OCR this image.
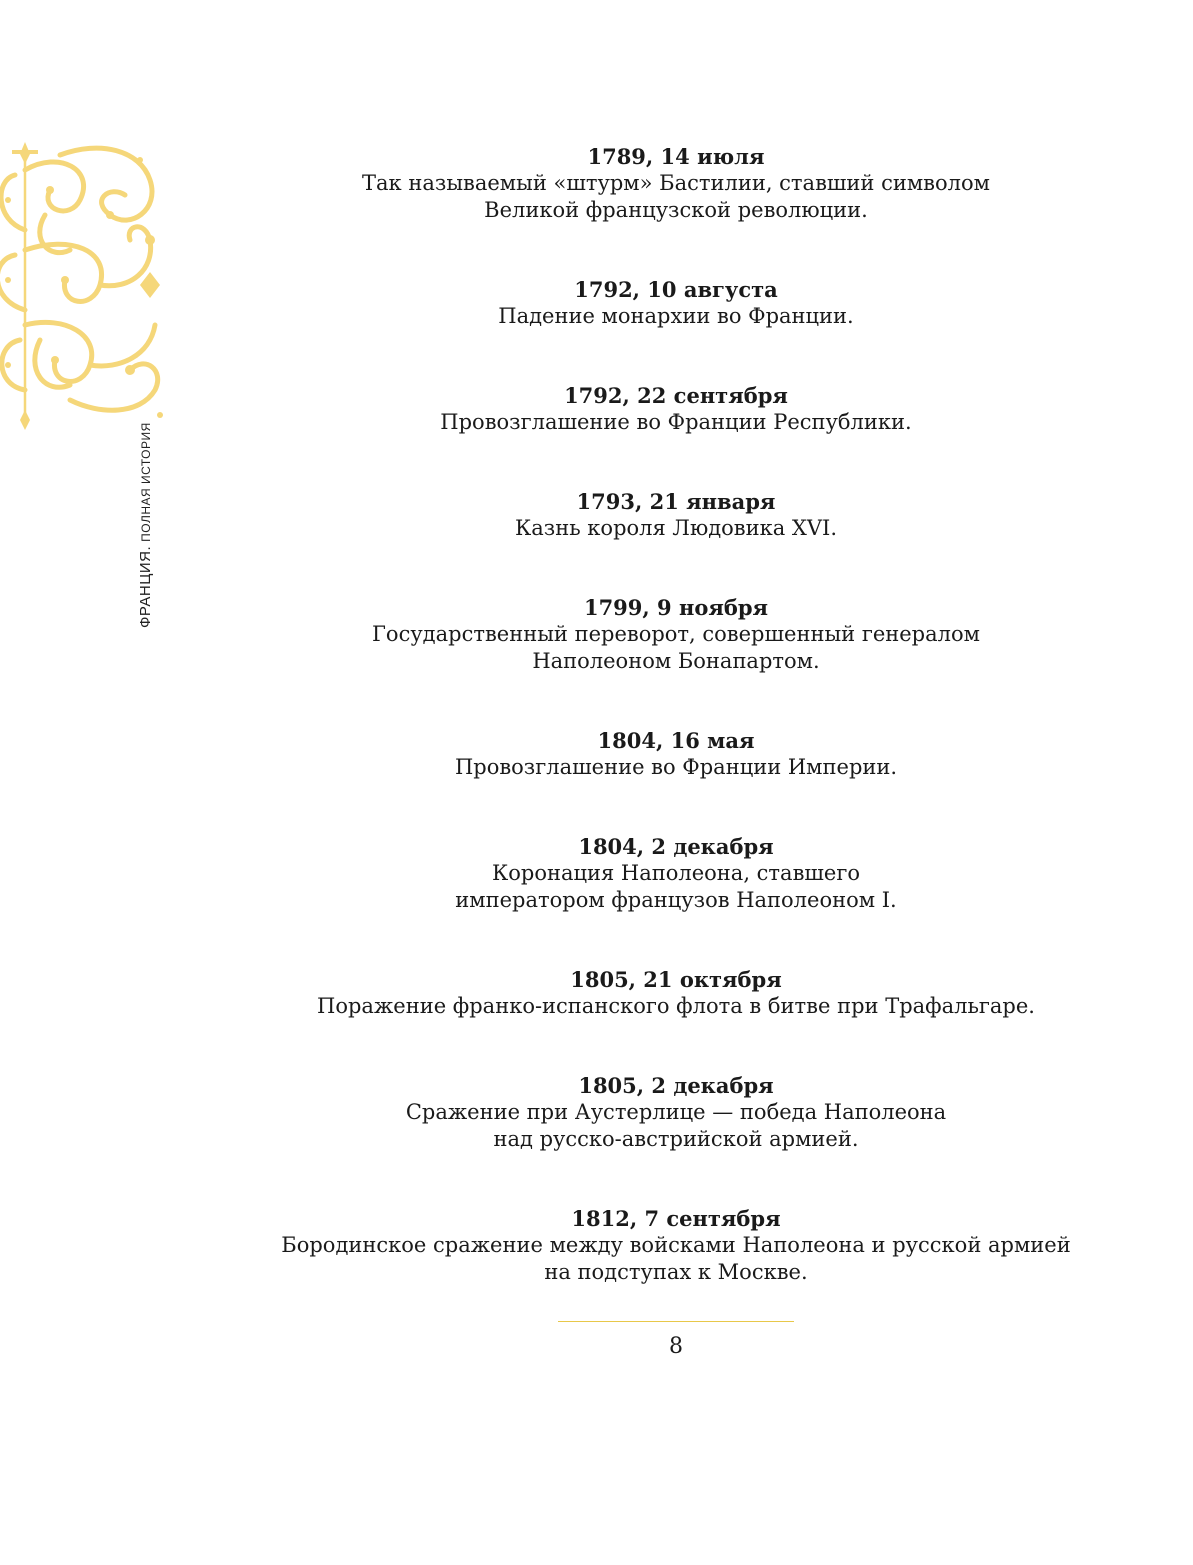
ФРАНЦИЯ.ПОЛНАЯ ИСТОРИЯ
1789, 14 июля
Так называемый «штурм» Бастилии, ставший символом
Великой французской революции.
1792, 10 августа
Падение монархии во Франции.
1792, 22 сентября
Провозглашение во Франции Республики.
1793, 21 января
Казнь короля Людовика XVI.
1799, 9 ноября
Государственный переворот, совершенный генералом
Наполеоном Бонапартом.
1804, 16 мая
Провозглашение во Франции Империи.
1804, 2 декабря
Коронация Наполеона, ставшего
императором французов Наполеоном I.
1805, 21 октября
Поражение франко-испанского флота в битве при Трафальгаре.
1805, 2 декабря
Сражение при Аустерлице — победа Наполеона
над русско-австрийской армией.
1812, 7 сентября
Бородинское сражение между войсками Наполеона и русской армией
на подступах к Москве.
8
